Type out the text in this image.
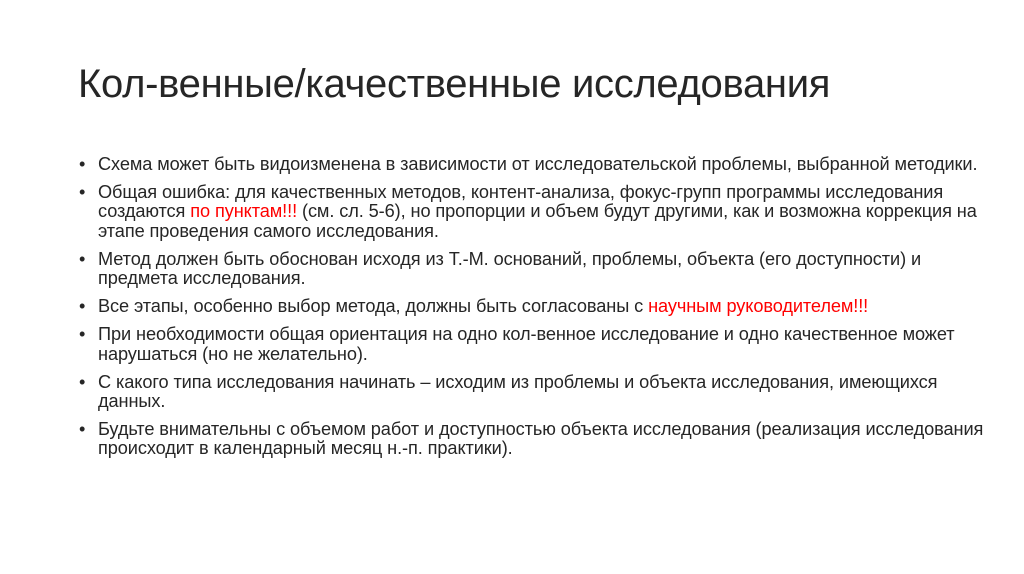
Кол-венные/качественные исследования
• Схема может быть видоизменена в зависимости от исследовательской проблемы, выбранной методики.
• Общая ошибка: для качественных методов, контент-анализа, фокус-групп программы исследования создаются по пунктам!!! (см. сл. 5-6), но пропорции и объем будут другими, как и возможна коррекция на этапе проведения самого исследования.
• Метод должен быть обоснован исходя из Т.-М. оснований, проблемы, объекта (его доступности) и предмета исследования.
• Все этапы, особенно выбор метода, должны быть согласованы с научным руководителем!!!
• При необходимости общая ориентация на одно кол-венное исследование и одно качественное может нарушаться (но не желательно).
• С какого типа исследования начинать – исходим из проблемы и объекта исследования, имеющихся данных.
• Будьте внимательны с объемом работ и доступностью объекта исследования (реализация исследования происходит в календарный месяц н.-п. практики).
